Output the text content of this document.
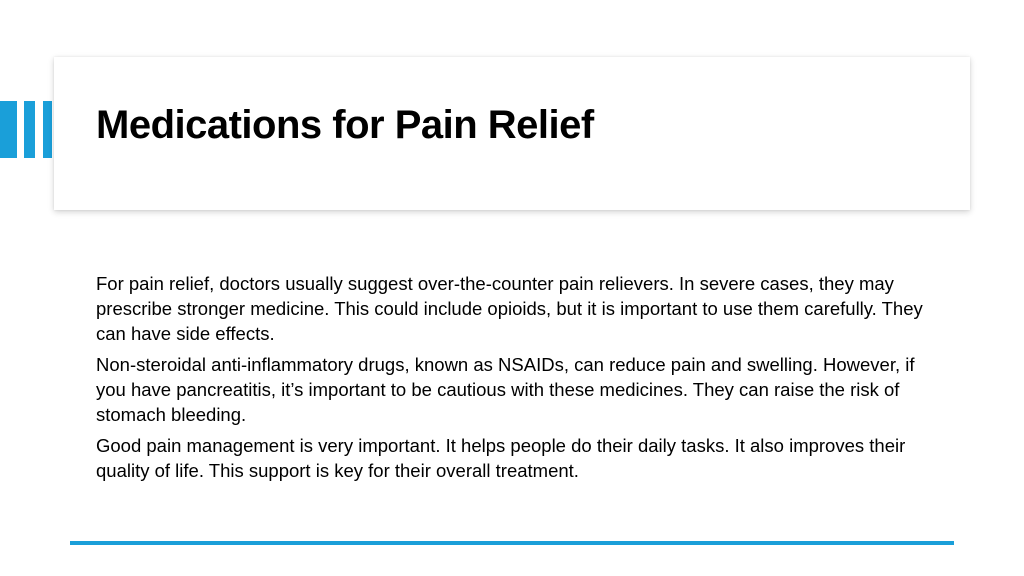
Medications for Pain Relief

For pain relief, doctors usually suggest over-the-counter pain relievers. In severe cases, they may prescribe stronger medicine. This could include opioids, but it is important to use them carefully. They can have side effects.

Non-steroidal anti-inflammatory drugs, known as NSAIDs, can reduce pain and swelling. However, if you have pancreatitis, it’s important to be cautious with these medicines. They can raise the risk of stomach bleeding.

Good pain management is very important. It helps people do their daily tasks. It also improves their quality of life. This support is key for their overall treatment.
